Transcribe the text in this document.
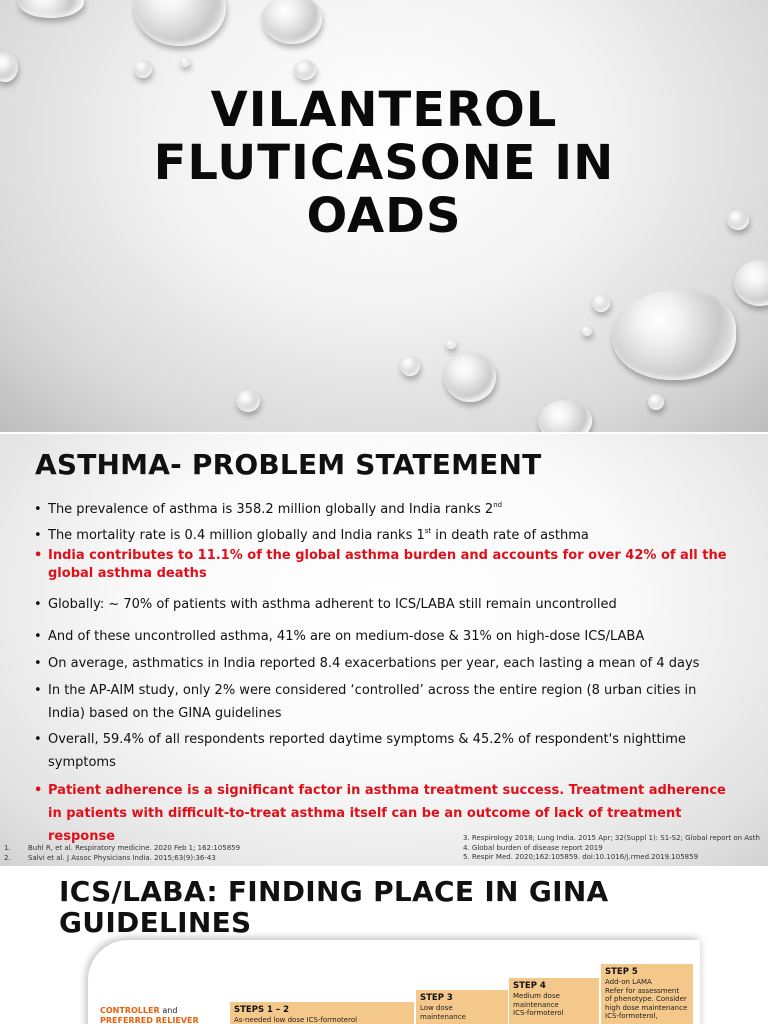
VILANTEROL
FLUTICASONE IN
OADS
ASTHMA- PROBLEM STATEMENT
• The prevalence of asthma is 358.2 million globally and India ranks 2nd
• The mortality rate is 0.4 million globally and India ranks 1st in death rate of asthma
• India contributes to 11.1% of the global asthma burden and accounts for over 42% of all the global asthma deaths
• Globally: ~ 70% of patients with asthma adherent to ICS/LABA still remain uncontrolled
• And of these uncontrolled asthma, 41% are on medium-dose & 31% on high-dose ICS/LABA
• On average, asthmatics in India reported 8.4 exacerbations per year, each lasting a mean of 4 days
• In the AP-AIM study, only 2% were considered ‘controlled’ across the entire region (8 urban cities in India) based on the GINA guidelines
• Overall, 59.4% of all respondents reported daytime symptoms & 45.2% of respondent's nighttime symptoms
• Patient adherence is a significant factor in asthma treatment success. Treatment adherence in patients with difficult-to-treat asthma itself can be an outcome of lack of treatment response
1. Buhl R, et al. Respiratory medicine. 2020 Feb 1; 162:105859
2. Salvi et al. J Assoc Physicians India. 2015;63(9):36-43
3. Respirology 2018; Lung India. 2015 Apr; 32(Suppl 1): S1-S2; Global report on Asth
4. Global burden of disease report 2019
5. Respir Med. 2020;162:105859. doi:10.1016/j.rmed.2019.105859
ICS/LABA: FINDING PLACE IN GINA
GUIDELINES
CONTROLLER and
PREFERRED RELIEVER
STEPS 1 – 2
As-needed low dose ICS-formoterol
STEP 3
Low dose
maintenance
STEP 4
Medium dose
maintenance
ICS-formoterol
STEP 5
Add-on LAMA
Refer for assessment
of phenotype. Consider
high dose maintenance
ICS-formoterol,
